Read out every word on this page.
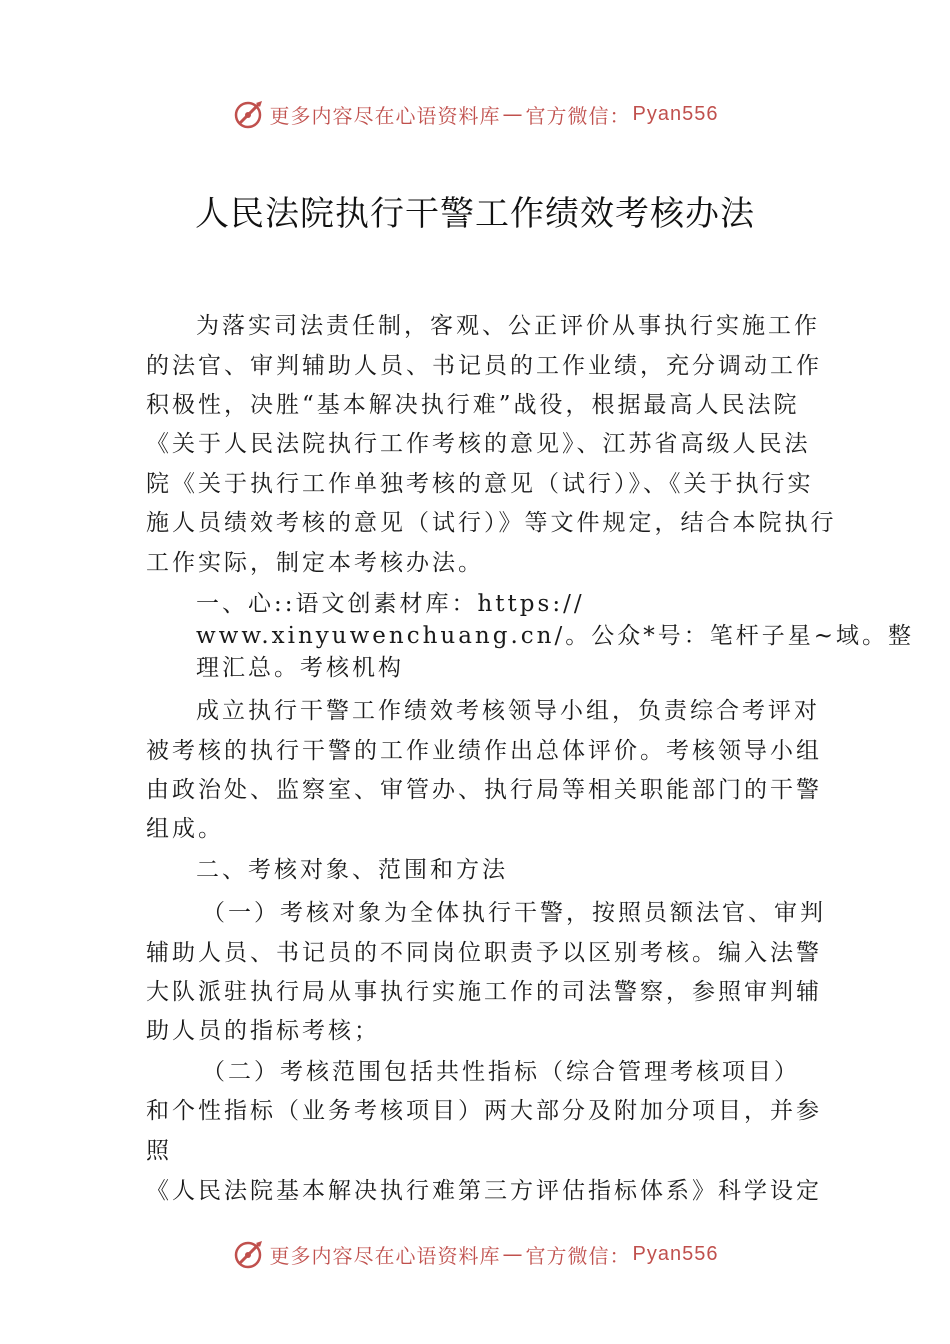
更多内容尽在心语资料库 — 官方微信： Pyan556
人民法院执行干警工作绩效考核办法
为落实司法责任制，客观、公正评价从事执行实施工作
的法官、审判辅助人员、书记员的工作业绩，充分调动工作
积极性，决胜“基本解决执行难”战役，根据最高人民法院
《关于人民法院执行工作考核的意见》、江苏省高级人民法
院《关于执行工作单独考核的意见（试行）》、《关于执行实
施人员绩效考核的意见（试行）》等文件规定，结合本院执行
工作实际，制定本考核办法。
一、心::语文创素材库：https://
www.xinyuwenchuang.cn/。公众*号：笔杆子星~域。整
理汇总。考核机构
成立执行干警工作绩效考核领导小组，负责综合考评对
被考核的执行干警的工作业绩作出总体评价。考核领导小组
由政治处、监察室、审管办、执行局等相关职能部门的干警
组成。
二、考核对象、范围和方法
（一）考核对象为全体执行干警，按照员额法官、审判
辅助人员、书记员的不同岗位职责予以区别考核。编入法警
大队派驻执行局从事执行实施工作的司法警察，参照审判辅
助人员的指标考核；
（二）考核范围包括共性指标（综合管理考核项目）
和个性指标（业务考核项目）两大部分及附加分项目，并参
照
《人民法院基本解决执行难第三方评估指标体系》科学设定
更多内容尽在心语资料库 — 官方微信： Pyan556
